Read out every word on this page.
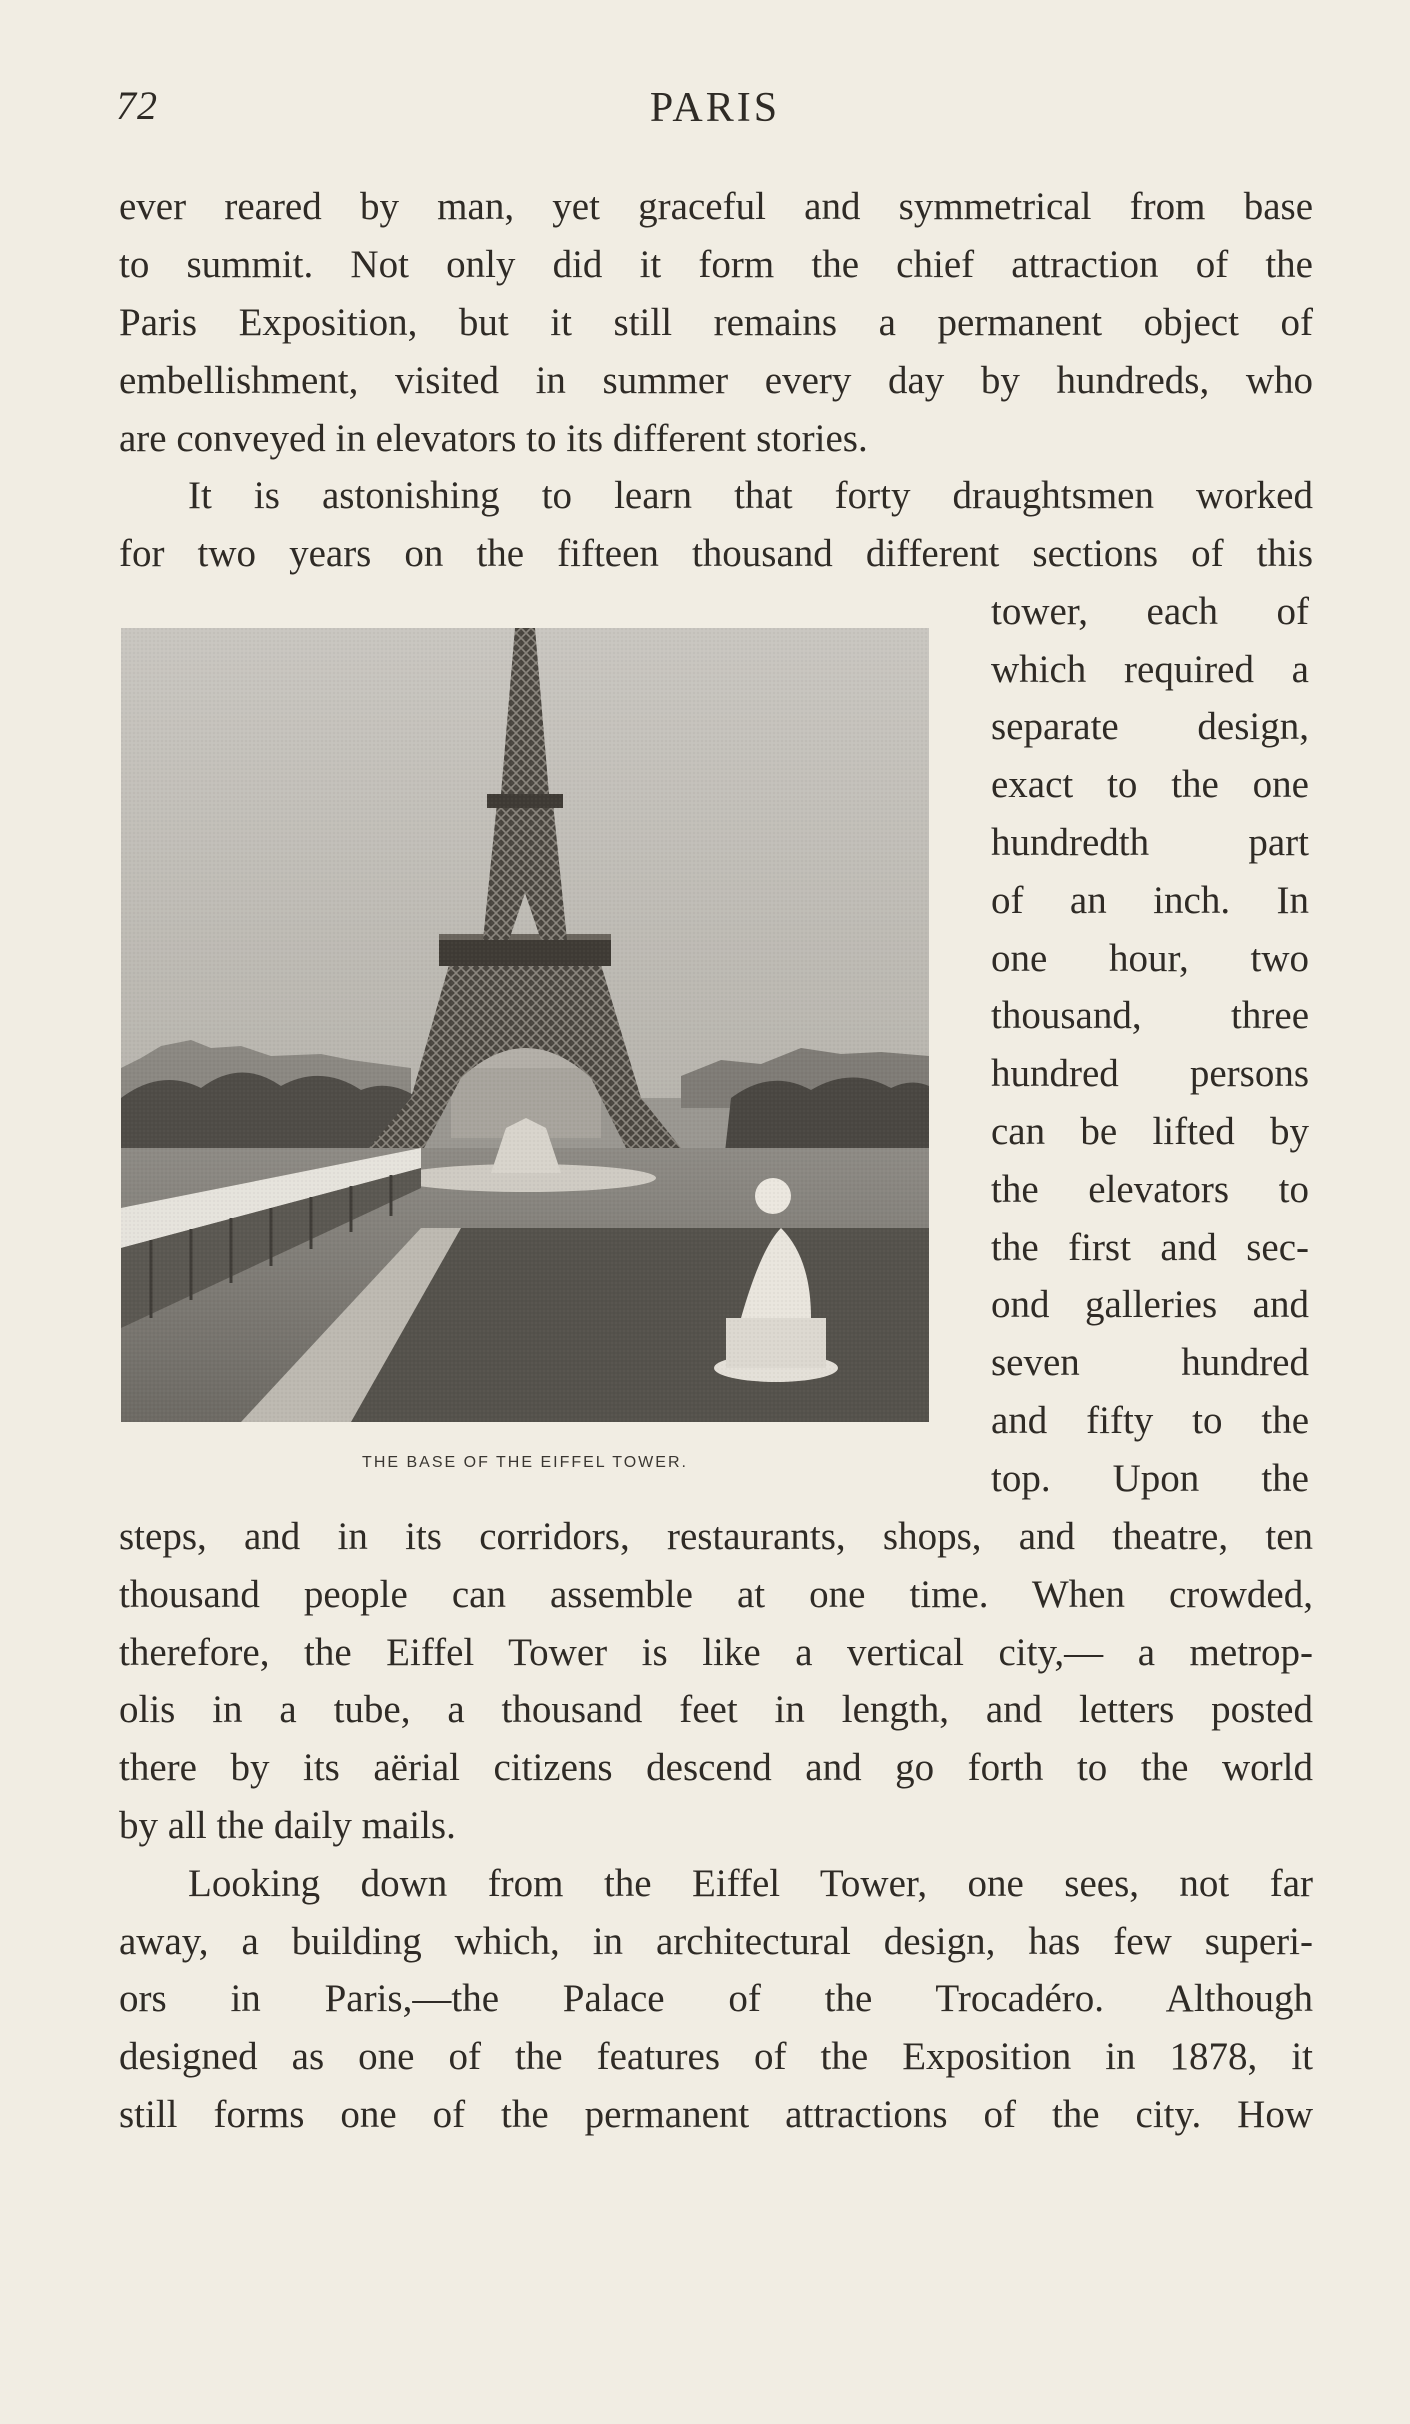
72	PARIS
ever reared by man, yet graceful and symmetrical from base
to summit. Not only did it form the chief attraction of the
Paris Exposition, but it still remains a permanent object of
embellishment, visited in summer every day by hundreds, who
are conveyed in elevators to its different stories.
It is astonishing to learn that forty draughtsmen worked
for two years on the fifteen thousand different sections of this
tower, each of
which required a
separate design,
exact to the one
hundredth part
of an inch. In
one hour, two
thousand, three
hundred persons
can be lifted by
the elevators to
the first and sec-
ond galleries and
seven hundred
and fifty to the
top. Upon the
THE BASE OF THE EIFFEL TOWER.
steps, and in its corridors, restaurants, shops, and theatre, ten
thousand people can assemble at one time. When crowded,
therefore, the Eiffel Tower is like a vertical city,— a metrop-
olis in a tube, a thousand feet in length, and letters posted
there by its aërial citizens descend and go forth to the world
by all the daily mails.
Looking down from the Eiffel Tower, one sees, not far
away, a building which, in architectural design, has few superi-
ors in Paris,—the Palace of the Trocadéro. Although
designed as one of the features of the Exposition in 1878, it
still forms one of the permanent attractions of the city. How
